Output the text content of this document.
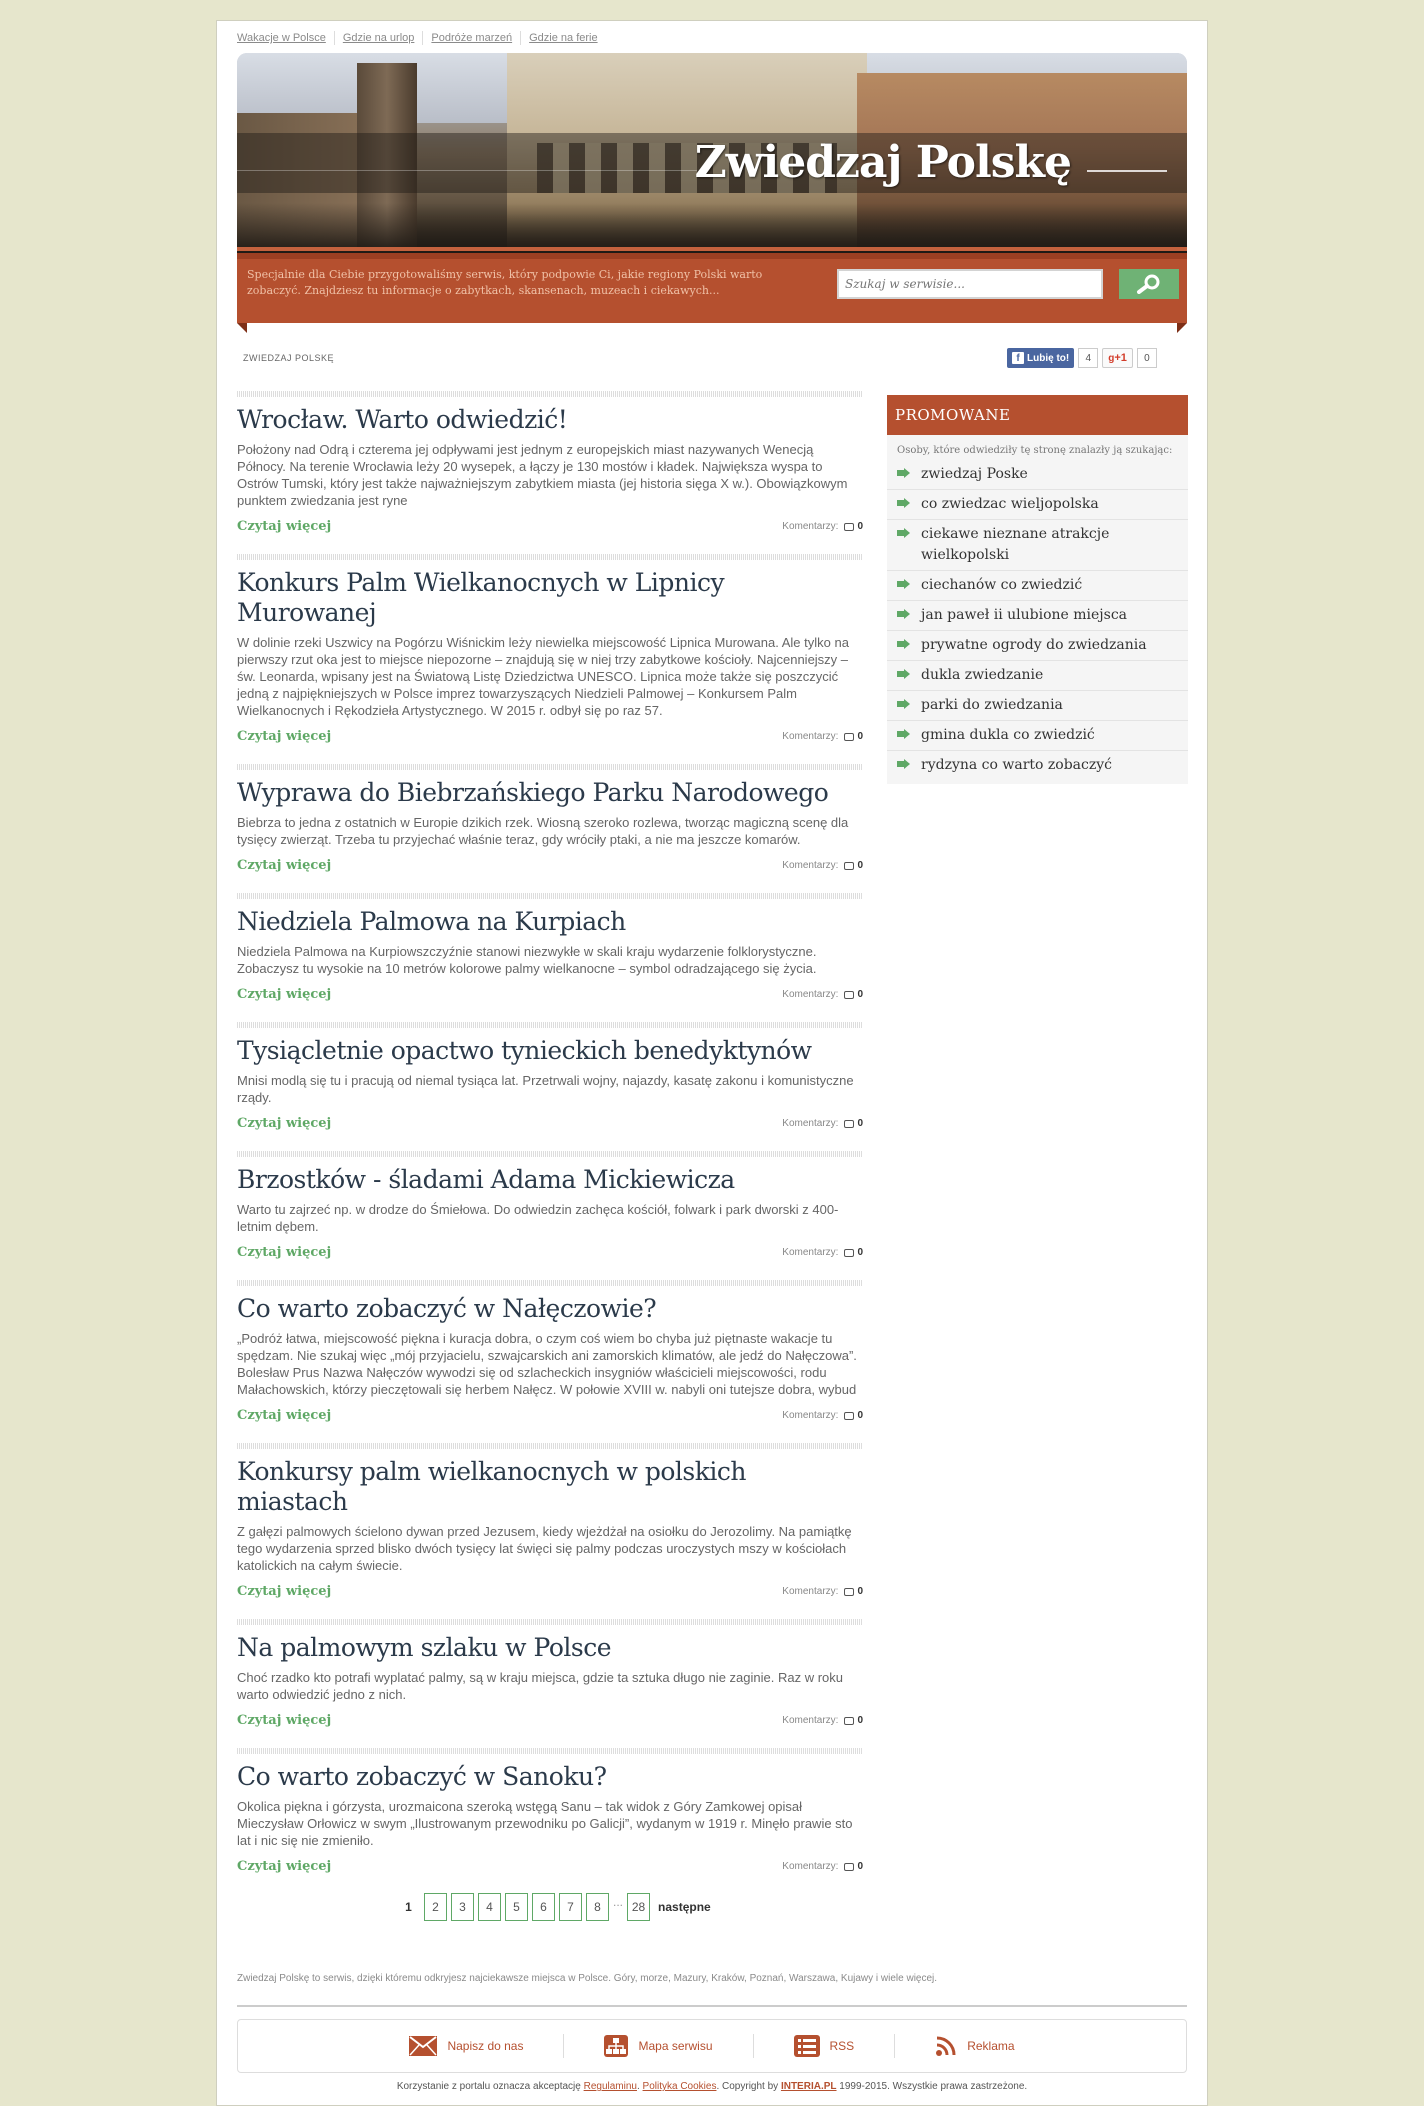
Wakacje w Polsce	Gdzie na urlop	Podróże marzeń	Gdzie na ferie
Zwiedzaj Polskę
Specjalnie dla Ciebie przygotowaliśmy serwis, który podpowie Ci, jakie regiony Polski warto zobaczyć. Znajdziesz tu informacje o zabytkach, skansenach, muzeach i ciekawych...
Szukaj w serwisie...
ZWIEDZAJ POLSKĘ	f Lubię to!	4	g +1	0
Wrocław. Warto odwiedzić!

Położony nad Odrą i czterema jej odpływami jest jednym z europejskich miast nazywanych Wenecją Północy. Na terenie Wrocławia leży 20 wysepek, a łączy je 130 mostów i kładek. Największa wyspa to Ostrów Tumski, który jest także najważniejszym zabytkiem miasta (jej historia sięga X w.). Obowiązkowym punktem zwiedzania jest ryne

Czytaj więcej	Komentarzy: 0
Konkurs Palm Wielkanocnych w Lipnicy Murowanej

W dolinie rzeki Uszwicy na Pogórzu Wiśnickim leży niewielka miejscowość Lipnica Murowana. Ale tylko na pierwszy rzut oka jest to miejsce niepozorne – znajdują się w niej trzy zabytkowe kościoły. Najcenniejszy – św. Leonarda, wpisany jest na Światową Listę Dziedzictwa UNESCO. Lipnica może także się poszczycić jedną z najpiękniejszych w Polsce imprez towarzyszących Niedzieli Palmowej – Konkursem Palm Wielkanocnych i Rękodzieła Artystycznego. W 2015 r. odbył się po raz 57.

Czytaj więcej	Komentarzy: 0
Wyprawa do Biebrzańskiego Parku Narodowego

Biebrza to jedna z ostatnich w Europie dzikich rzek. Wiosną szeroko rozlewa, tworząc magiczną scenę dla tysięcy zwierząt. Trzeba tu przyjechać właśnie teraz, gdy wróciły ptaki, a nie ma jeszcze komarów.

Czytaj więcej	Komentarzy: 0
Niedziela Palmowa na Kurpiach

Niedziela Palmowa na Kurpiowszczyźnie stanowi niezwykłe w skali kraju wydarzenie folklorystyczne. Zobaczysz tu wysokie na 10 metrów kolorowe palmy wielkanocne – symbol odradzającego się życia.

Czytaj więcej	Komentarzy: 0
Tysiącletnie opactwo tynieckich benedyktynów

Mnisi modlą się tu i pracują od niemal tysiąca lat. Przetrwali wojny, najazdy, kasatę zakonu i komunistyczne rządy.

Czytaj więcej	Komentarzy: 0
Brzostków - śladami Adama Mickiewicza

Warto tu zajrzeć np. w drodze do Śmiełowa. Do odwiedzin zachęca kościół, folwark i park dworski z 400-letnim dębem.

Czytaj więcej	Komentarzy: 0
Co warto zobaczyć w Nałęczowie?

„Podróż łatwa, miejscowość piękna i kuracja dobra, o czym coś wiem bo chyba już piętnaste wakacje tu spędzam. Nie szukaj więc „mój przyjacielu, szwajcarskich ani zamorskich klimatów, ale jedź do Nałęczowa”. Bolesław Prus Nazwa Nałęczów wywodzi się od szlacheckich insygniów właścicieli miejscowości, rodu Małachowskich, którzy pieczętowali się herbem Nałęcz. W połowie XVIII w. nabyli oni tutejsze dobra, wybud

Czytaj więcej	Komentarzy: 0
Konkursy palm wielkanocnych w polskich miastach

Z gałęzi palmowych ścielono dywan przed Jezusem, kiedy wjeżdżał na osiołku do Jerozolimy. Na pamiątkę tego wydarzenia sprzed blisko dwóch tysięcy lat święci się palmy podczas uroczystych mszy w kościołach katolickich na całym świecie.

Czytaj więcej	Komentarzy: 0
Na palmowym szlaku w Polsce

Choć rzadko kto potrafi wyplatać palmy, są w kraju miejsca, gdzie ta sztuka długo nie zaginie. Raz w roku warto odwiedzić jedno z nich.

Czytaj więcej	Komentarzy: 0
Co warto zobaczyć w Sanoku?

Okolica piękna i górzysta, urozmaicona szeroką wstęgą Sanu – tak widok z Góry Zamkowej opisał Mieczysław Orłowicz w swym „Ilustrowanym przewodniku po Galicji”, wydanym w 1919 r. Minęło prawie sto lat i nic się nie zmieniło.

Czytaj więcej	Komentarzy: 0
PROMOWANE
Osoby, które odwiedziły tę stronę znalazły ją szukając:
zwiedzaj Poske
co zwiedzac wieljopolska
ciekawe nieznane atrakcje wielkopolski
ciechanów co zwiedzić
jan paweł ii ulubione miejsca
prywatne ogrody do zwiedzania
dukla zwiedzanie
parki do zwiedzania
gmina dukla co zwiedzić
rydzyna co warto zobaczyć
1	2	3	4	5	6	7	8	... 28	następne
Zwiedzaj Polskę to serwis, dzięki któremu odkryjesz najciekawsze miejsca w Polsce. Góry, morze, Mazury, Kraków, Poznań, Warszawa, Kujawy i wiele więcej.
Napisz do nas	Mapa serwisu	RSS	Reklama
Korzystanie z portalu oznacza akceptację Regulaminu. Polityka Cookies. Copyright by INTERIA.PL 1999-2015. Wszystkie prawa zastrzeżone.
